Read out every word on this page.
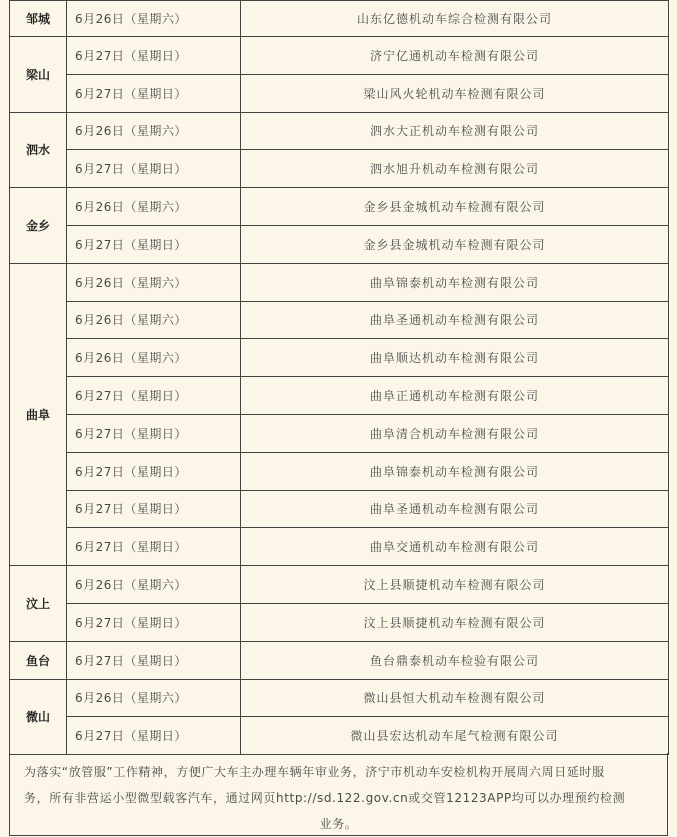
邹城	6月26日（星期六）	山东亿德机动车综合检测有限公司
梁山	6月27日（星期日）	济宁亿通机动车检测有限公司
	6月27日（星期日）	梁山风火轮机动车检测有限公司
泗水	6月26日（星期六）	泗水大正机动车检测有限公司
	6月27日（星期日）	泗水旭升机动车检测有限公司
金乡	6月26日（星期六）	金乡县金城机动车检测有限公司
	6月27日（星期日）	金乡县金城机动车检测有限公司
曲阜	6月26日（星期六）	曲阜锦泰机动车检测有限公司
	6月26日（星期六）	曲阜圣通机动车检测有限公司
	6月26日（星期六）	曲阜顺达机动车检测有限公司
	6月27日（星期日）	曲阜正通机动车检测有限公司
	6月27日（星期日）	曲阜清合机动车检测有限公司
	6月27日（星期日）	曲阜锦泰机动车检测有限公司
	6月27日（星期日）	曲阜圣通机动车检测有限公司
	6月27日（星期日）	曲阜交通机动车检测有限公司
汶上	6月26日（星期六）	汶上县顺捷机动车检测有限公司
	6月27日（星期日）	汶上县顺捷机动车检测有限公司
鱼台	6月27日（星期日）	鱼台鼎泰机动车检验有限公司
微山	6月26日（星期六）	微山县恒大机动车检测有限公司
	6月27日（星期日）	微山县宏达机动车尾气检测有限公司
为落实“放管服”工作精神，方便广大车主办理车辆年审业务，济宁市机动车安检机构开展周六周日延时服
务，所有非营运小型微型载客汽车，通过网页http://sd.122.gov.cn或交管12123APP均可以办理预约检测
业务。
